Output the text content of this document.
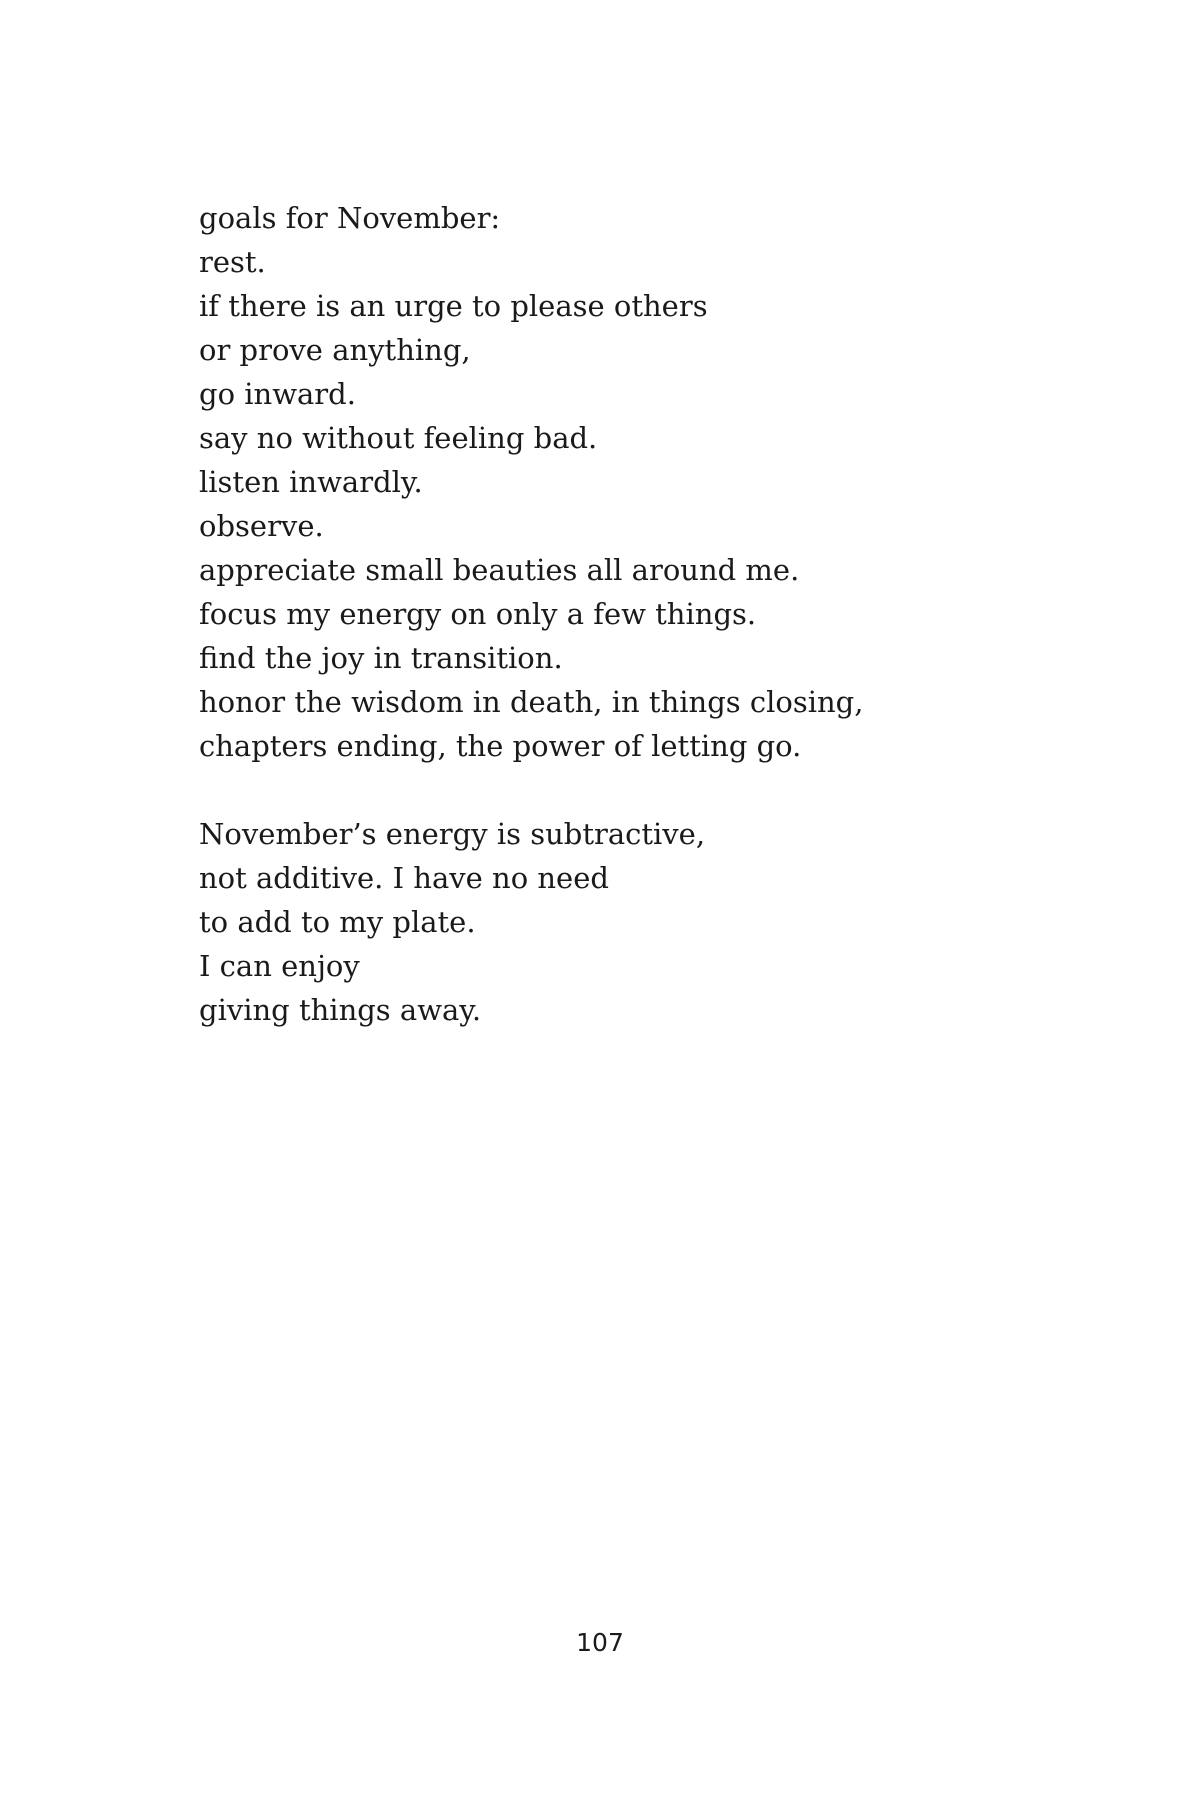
goals for November:
rest.
if there is an urge to please others
or prove anything,
go inward.
say no without feeling bad.
listen inwardly.
observe.
appreciate small beauties all around me.
focus my energy on only a few things.
find the joy in transition.
honor the wisdom in death, in things closing,
chapters ending, the power of letting go.

November’s energy is subtractive,
not additive. I have no need
to add to my plate.
I can enjoy
giving things away.

107
